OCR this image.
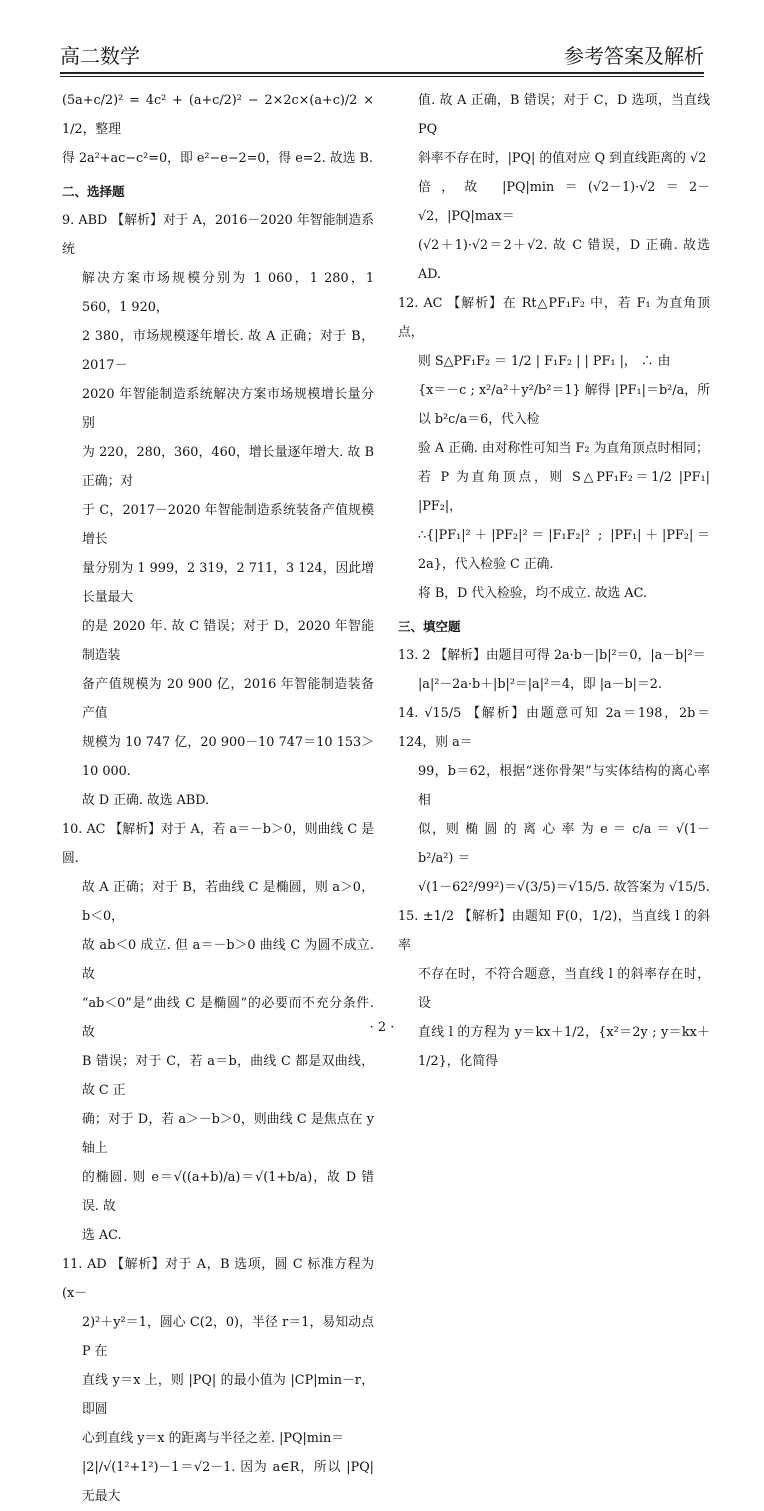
高二数学	参考答案及解析

(5a+c/2)² = 4c² + (a+c/2)² − 2×2c×(a+c)/2 × 1/2，整理

得 2a²+ac−c²=0，即 e²−e−2=0，得 e=2. 故选 B.

二、选择题

9. ABD 【解析】对于 A，2016－2020 年智能制造系统

解决方案市场规模分别为 1 060，1 280，1 560，1 920，

2 380，市场规模逐年增长. 故 A 正确；对于 B，2017－

2020 年智能制造系统解决方案市场规模增长量分别

为 220，280，360，460，增长量逐年增大. 故 B 正确；对

于 C，2017－2020 年智能制造系统装备产值规模增长

量分别为 1 999，2 319，2 711，3 124，因此增长量最大

的是 2020 年. 故 C 错误；对于 D，2020 年智能制造装

备产值规模为 20 900 亿，2016 年智能制造装备产值

规模为 10 747 亿，20 900－10 747＝10 153＞10 000.

故 D 正确. 故选 ABD.

10. AC 【解析】对于 A，若 a＝－b＞0，则曲线 C 是圆.

故 A 正确；对于 B，若曲线 C 是椭圆，则 a＞0，b＜0，

故 ab＜0 成立. 但 a＝－b＞0 曲线 C 为圆不成立. 故

“ab＜0”是“曲线 C 是椭圆”的必要而不充分条件. 故

B 错误；对于 C，若 a＝b，曲线 C 都是双曲线，故 C 正

确；对于 D，若 a＞－b＞0，则曲线 C 是焦点在 y 轴上

的椭圆. 则 e＝√((a+b)/a)＝√(1+b/a)，故 D 错误. 故

选 AC.

11. AD 【解析】对于 A，B 选项，圆 C 标准方程为 (x－

2)²＋y²＝1，圆心 C(2，0)，半径 r＝1，易知动点 P 在

直线 y＝x 上，则 |PQ| 的最小值为 |CP|min－r，即圆

心到直线 y＝x 的距离与半径之差. |PQ|min＝

|2|/√(1²+1²)－1＝√2－1. 因为 a∈R，所以 |PQ| 无最大

值. 故 A 正确，B 错误；对于 C，D 选项，当直线 PQ

斜率不存在时，|PQ| 的值对应 Q 到直线距离的 √2

倍，故 |PQ|min＝(√2－1)·√2＝2－√2，|PQ|max＝

(√2＋1)·√2＝2＋√2. 故 C 错误，D 正确. 故选 AD.

12. AC 【解析】在 Rt△PF₁F₂ 中，若 F₁ 为直角顶点，

则 S△PF₁F₂ ＝ 1/2 | F₁F₂ | | PF₁ |， ∴ 由

{x＝－c ; x²/a²＋y²/b²＝1} 解得 |PF₁|＝b²/a，所以 b²c/a＝6，代入检

验 A 正确. 由对称性可知当 F₂ 为直角顶点时相同；

若 P 为直角顶点，则 S△PF₁F₂＝1/2 |PF₁| |PF₂|，

∴{|PF₁|²＋|PF₂|²＝|F₁F₂|² ; |PF₁|＋|PF₂|＝2a}，代入检验 C 正确.

将 B，D 代入检验，均不成立. 故选 AC.

三、填空题

13. 2 【解析】由题目可得 2a·b－|b|²＝0，|a－b|²＝

|a|²－2a·b＋|b|²＝|a|²＝4，即 |a－b|＝2.

14. √15/5 【解析】由题意可知 2a＝198，2b＝124，则 a＝

99，b＝62，根据“迷你骨架”与实体结构的离心率相

似，则 椭 圆 的 离 心 率 为 e ＝ c/a ＝ √(1－b²/a²) ＝

√(1－62²/99²)＝√(3/5)＝√15/5. 故答案为 √15/5.

15. ±1/2 【解析】由题知 F(0，1/2)，当直线 l 的斜率

不存在时，不符合题意，当直线 l 的斜率存在时，设

直线 l 的方程为 y＝kx＋1/2，{x²＝2y ; y＝kx＋1/2}，化简得

· 2 ·
